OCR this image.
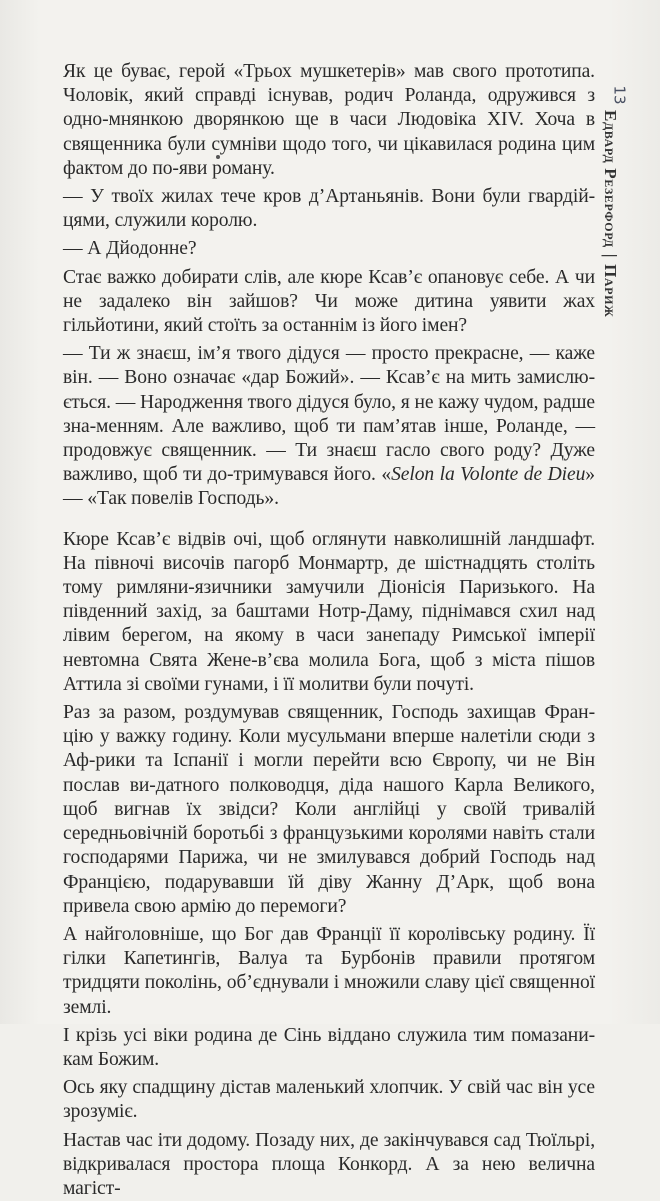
Едвард Резерфорд|Париж
13

Як це буває, герой «Трьох мушкетерів» мав свого прототипа. Чоловік, який справді існував, родич Роланда, одружився з одно-мнянкою дворянкою ще в часи Людовіка XIV. Хоча в священника були сумніви щодо того, чи цікавилася родина цим фактом до по-яви роману.

— У твоїх жилах тече кров д’Артаньянів. Вони були гвардій-цями, служили королю.

— А Дйодонне?

Стає важко добирати слів, але кюре Ксав’є опановує себе. А чи не задалеко він зайшов? Чи може дитина уявити жах гільйотини, який стоїть за останнім із його імен?

— Ти ж знаєш, ім’я твого дідуся — просто прекрасне, — каже він. — Воно означає «дар Божий». — Ксав’є на мить замислю-ється. — Народження твого дідуся було, я не кажу чудом, радше зна-менням. Але важливо, щоб ти пам’ятав інше, Роланде, — продовжує священник. — Ти знаєш гасло свого роду? Дуже важливо, щоб ти до-тримувався його. «Selon la Volonte de Dieu» — «Так повелів Господь».

Кюре Ксав’є відвів очі, щоб оглянути навколишній ландшафт. На півночі височів пагорб Монмартр, де шістнадцять століть тому римляни-язичники замучили Діонісія Паризького. На південний захід, за баштами Нотр-Даму, піднімався схил над лівим берегом, на якому в часи занепаду Римської імперії невтомна Свята Жене-в’єва молила Бога, щоб з міста пішов Аттила зі своїми гунами, і її молитви були почуті.

Раз за разом, роздумував священник, Господь захищав Фран-цію у важку годину. Коли мусульмани вперше налетіли сюди з Аф-рики та Іспанії і могли перейти всю Європу, чи не Він послав ви-датного полководця, діда нашого Карла Великого, щоб вигнав їх звідси? Коли англійці у своїй тривалій середньовічній боротьбі з французькими королями навіть стали господарями Парижа, чи не змилувався добрий Господь над Францією, подарувавши їй діву Жанну Д’Арк, щоб вона привела свою армію до перемоги?

А найголовніше, що Бог дав Франції її королівську родину. Її гілки Капетингів, Валуа та Бурбонів правили протягом тридцяти поколінь, об’єднували і множили славу цієї священної землі.

І крізь усі віки родина де Сінь віддано служила тим помазани-кам Божим.

Ось яку спадщину дістав маленький хлопчик. У свій час він усе зрозуміє.

Настав час іти додому. Позаду них, де закінчувався сад Тюїльрі, відкривалася простора площа Конкорд. А за нею велична магіст-
